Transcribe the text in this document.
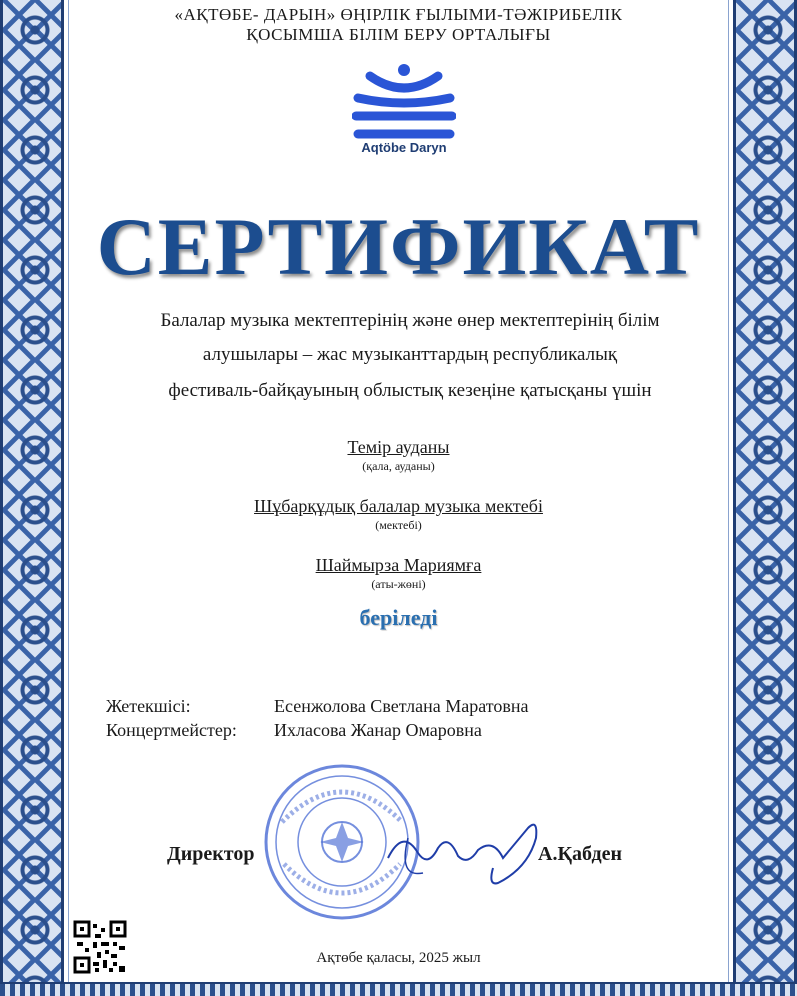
«АҚТӨБЕ- ДАРЫН» ӨҢІРЛІК ҒЫЛЫМИ-ТӘЖІРИБЕЛІК
ҚОСЫМША БІЛІМ БЕРУ ОРТАЛЫҒЫ
Aqtöbe Daryn
СЕРТИФИКАТ
Балалар музыка мектептерінің және өнер мектептерінің білім
алушылары – жас музыканттардың республикалық
фестиваль-байқауының облыстық кезеңіне қатысқаны үшін
Темір ауданы
(қала, ауданы)
Шұбарқұдық балалар музыка мектебі
(мектебі)
Шаймырза Мариямға
(аты-жөні)
беріледі
Жетекшісі:	Есенжолова Светлана Маратовна
Концертмейстер: Ихласова Жанар Омаровна
Директор	А.Қабден
Ақтөбе қаласы, 2025 жыл
